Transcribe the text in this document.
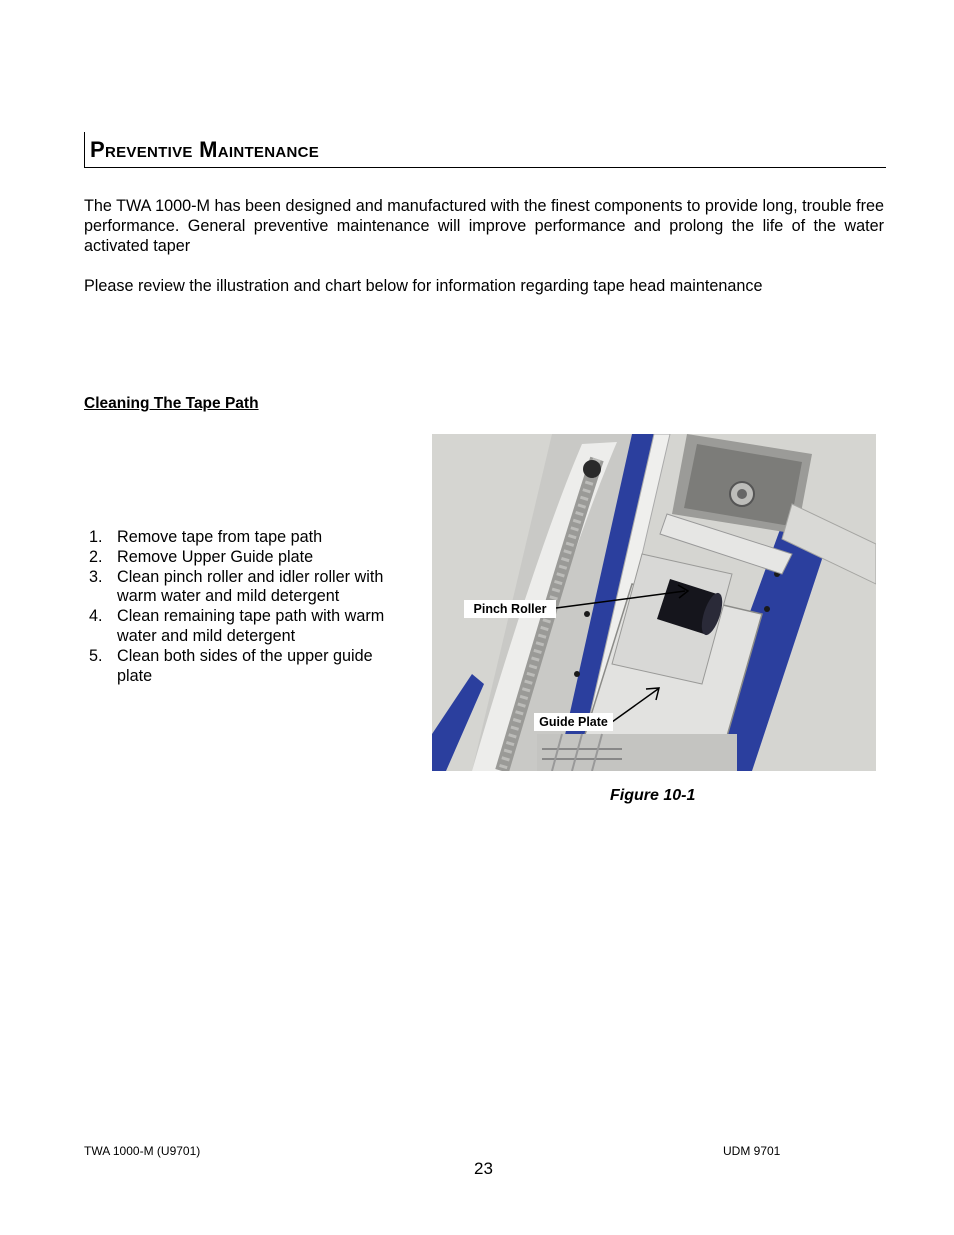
Preventive Maintenance

The TWA 1000-M has been designed and manufactured with the finest components to provide long, trouble free performance. General preventive maintenance will improve performance and prolong the life of the water activated taper

Please review the illustration and chart below for information regarding tape head maintenance

Cleaning The Tape Path
1. Remove tape from tape path
2. Remove Upper Guide plate
3. Clean pinch roller and idler roller with warm water and mild detergent
4. Clean remaining tape path with warm water and mild detergent
5. Clean both sides of the upper guide plate
Pinch Roller
Guide Plate
Figure 10-1
TWA 1000-M (U9701)	UDM 9701
23
